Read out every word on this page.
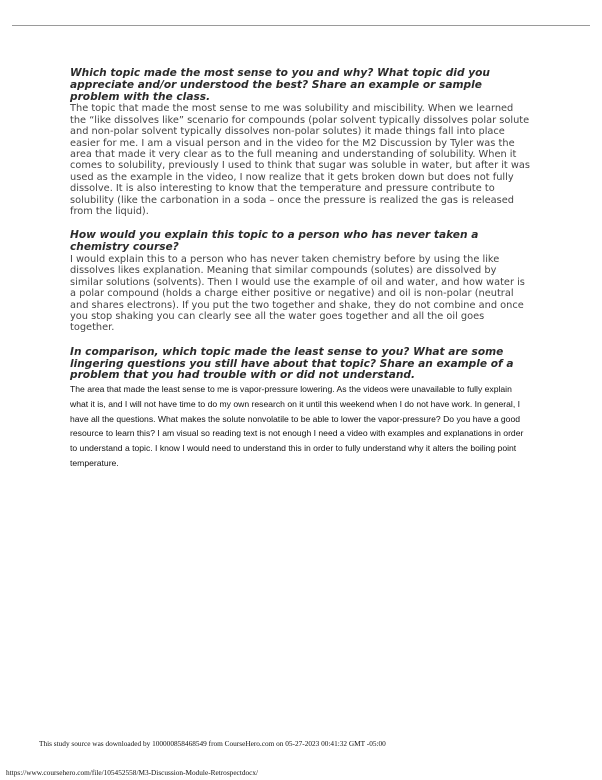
Which topic made the most sense to you and why? What topic did you appreciate and/or understood the best? Share an example or sample problem with the class.

The topic that made the most sense to me was solubility and miscibility. When we learned the “like dissolves like” scenario for compounds (polar solvent typically dissolves polar solute and non-polar solvent typically dissolves non-polar solutes) it made things fall into place easier for me. I am a visual person and in the video for the M2 Discussion by Tyler was the area that made it very clear as to the full meaning and understanding of solubility. When it comes to solubility, previously I used to think that sugar was soluble in water, but after it was used as the example in the video, I now realize that it gets broken down but does not fully dissolve. It is also interesting to know that the temperature and pressure contribute to solubility (like the carbonation in a soda – once the pressure is realized the gas is released from the liquid).

How would you explain this topic to a person who has never taken a chemistry course?

I would explain this to a person who has never taken chemistry before by using the like dissolves likes explanation. Meaning that similar compounds (solutes) are dissolved by similar solutions (solvents). Then I would use the example of oil and water, and how water is a polar compound (holds a charge either positive or negative) and oil is non-polar (neutral and shares electrons). If you put the two together and shake, they do not combine and once you stop shaking you can clearly see all the water goes together and all the oil goes together.

In comparison, which topic made the least sense to you? What are some lingering questions you still have about that topic? Share an example of a problem that you had trouble with or did not understand.

The area that made the least sense to me is vapor-pressure lowering. As the videos were unavailable to fully explain what it is, and I will not have time to do my own research on it until this weekend when I do not have work. In general, I have all the questions. What makes the solute nonvolatile to be able to lower the vapor-pressure? Do you have a good resource to learn this? I am visual so reading text is not enough I need a video with examples and explanations in order to understand a topic. I know I would need to understand this in order to fully understand why it alters the boiling point temperature.

This study source was downloaded by 100000858468549 from CourseHero.com on 05-27-2023 00:41:32 GMT -05:00
https://www.coursehero.com/file/105452558/M3-Discussion-Module-Retrospectdocx/
